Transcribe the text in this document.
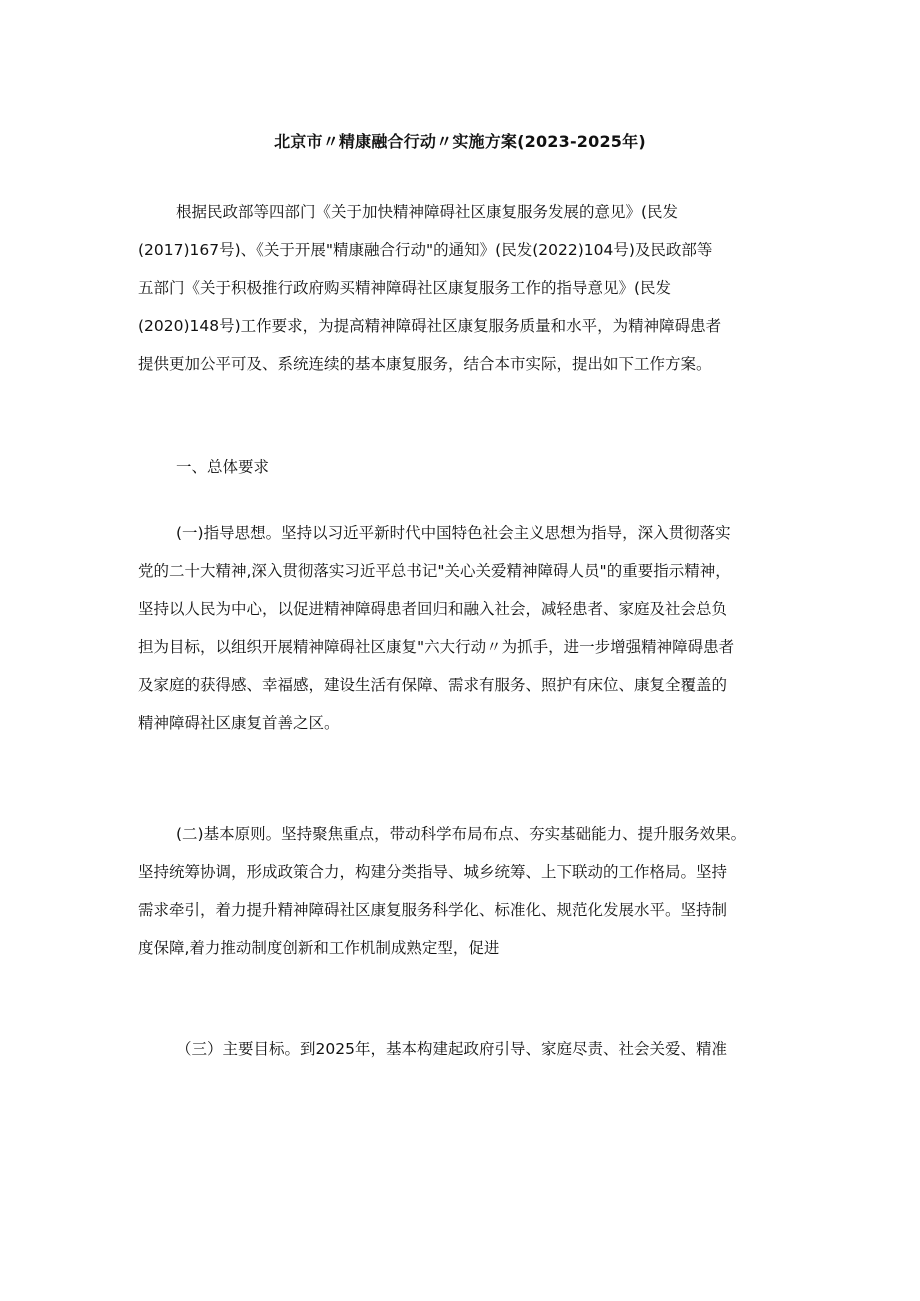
北京市〃精康融合行动〃实施方案(2023-2025年)
根据民政部等四部门《关于加快精神障碍社区康复服务发展的意见》(民发
(2017)167号)、《关于开展"精康融合行动"的通知》(民发(2022)104号)及民政部等
五部门《关于积极推行政府购买精神障碍社区康复服务工作的指导意见》(民发
(2020)148号)工作要求，为提高精神障碍社区康复服务质量和水平，为精神障碍患者
提供更加公平可及、系统连续的基本康复服务，结合本市实际，提出如下工作方案。
一、总体要求
(一)指导思想。坚持以习近平新时代中国特色社会主义思想为指导，深入贯彻落实
党的二十大精神,深入贯彻落实习近平总书记"关心关爱精神障碍人员"的重要指示精神，
坚持以人民为中心，以促进精神障碍患者回归和融入社会，减轻患者、家庭及社会总负
担为目标，以组织开展精神障碍社区康复"六大行动〃为抓手，进一步增强精神障碍患者
及家庭的获得感、幸福感，建设生活有保障、需求有服务、照护有床位、康复全覆盖的
精神障碍社区康复首善之区。
(二)基本原则。坚持聚焦重点，带动科学布局布点、夯实基础能力、提升服务效果。
坚持统筹协调，形成政策合力，构建分类指导、城乡统筹、上下联动的工作格局。坚持
需求牵引，着力提升精神障碍社区康复服务科学化、标准化、规范化发展水平。坚持制
度保障,着力推动制度创新和工作机制成熟定型，促进
（三）主要目标。到2025年，基本构建起政府引导、家庭尽责、社会关爱、精准
